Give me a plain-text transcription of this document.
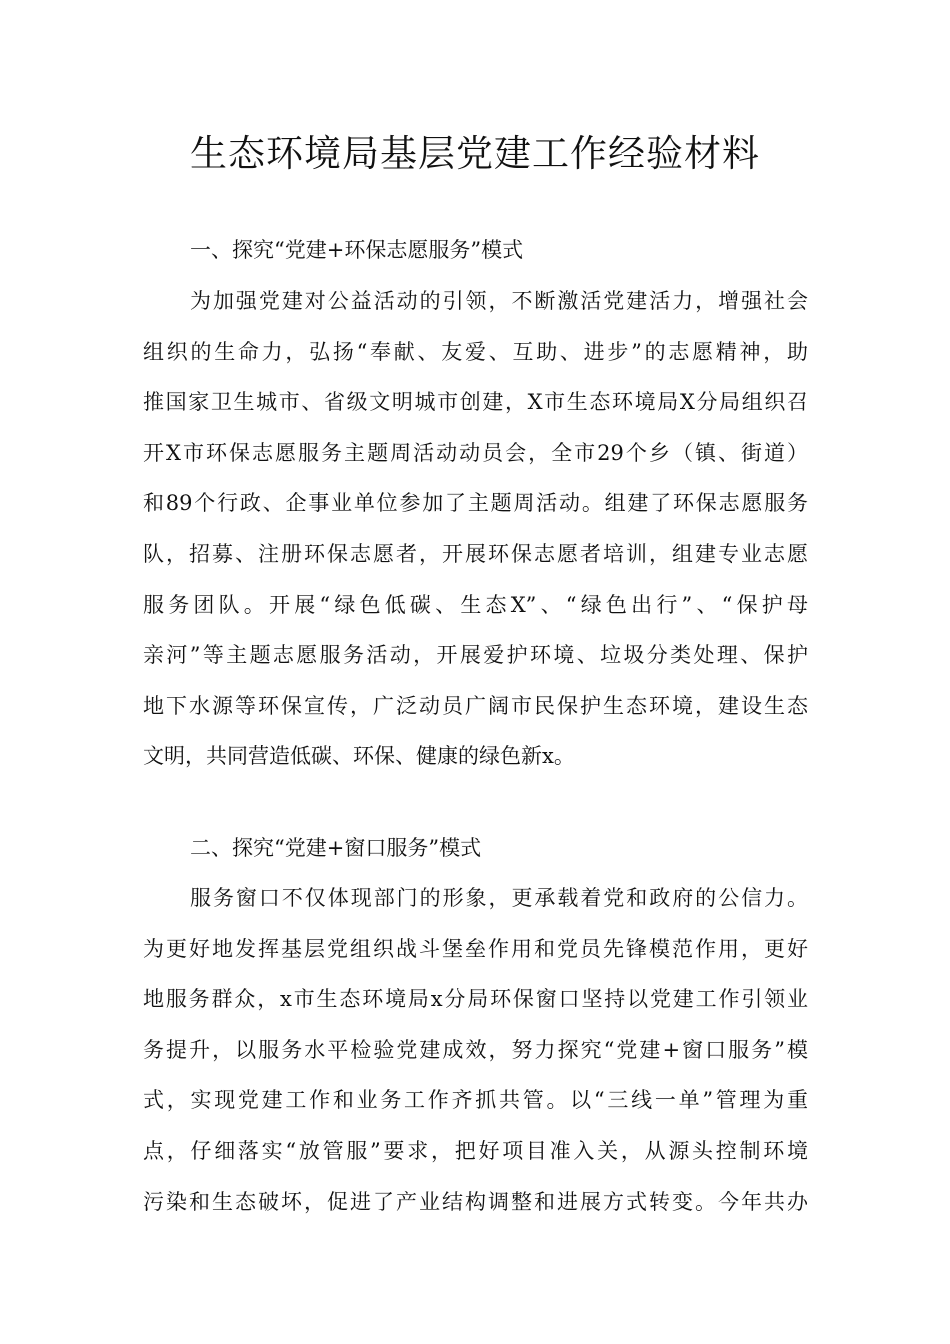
生态环境局基层党建工作经验材料
一、探究“党建+环保志愿服务”模式
为加强党建对公益活动的引领，不断激活党建活力，增强社会
组织的生命力，弘扬“奉献、友爱、互助、进步”的志愿精神，助
推国家卫生城市、省级文明城市创建，X市生态环境局X分局组织召
开X市环保志愿服务主题周活动动员会，全市29个乡（镇、街道）
和89个行政、企事业单位参加了主题周活动。组建了环保志愿服务
队，招募、注册环保志愿者，开展环保志愿者培训，组建专业志愿
服务团队。开展“绿色低碳、生态X”、“绿色出行”、“保护母
亲河”等主题志愿服务活动，开展爱护环境、垃圾分类处理、保护
地下水源等环保宣传，广泛动员广阔市民保护生态环境，建设生态
文明，共同营造低碳、环保、健康的绿色新x。
二、探究“党建+窗口服务”模式
服务窗口不仅体现部门的形象，更承载着党和政府的公信力。
为更好地发挥基层党组织战斗堡垒作用和党员先锋模范作用，更好
地服务群众，x市生态环境局x分局环保窗口坚持以党建工作引领业
务提升，以服务水平检验党建成效，努力探究“党建+窗口服务”模
式，实现党建工作和业务工作齐抓共管。以“三线一单”管理为重
点，仔细落实“放管服”要求，把好项目准入关，从源头控制环境
污染和生态破坏，促进了产业结构调整和进展方式转变。今年共办
